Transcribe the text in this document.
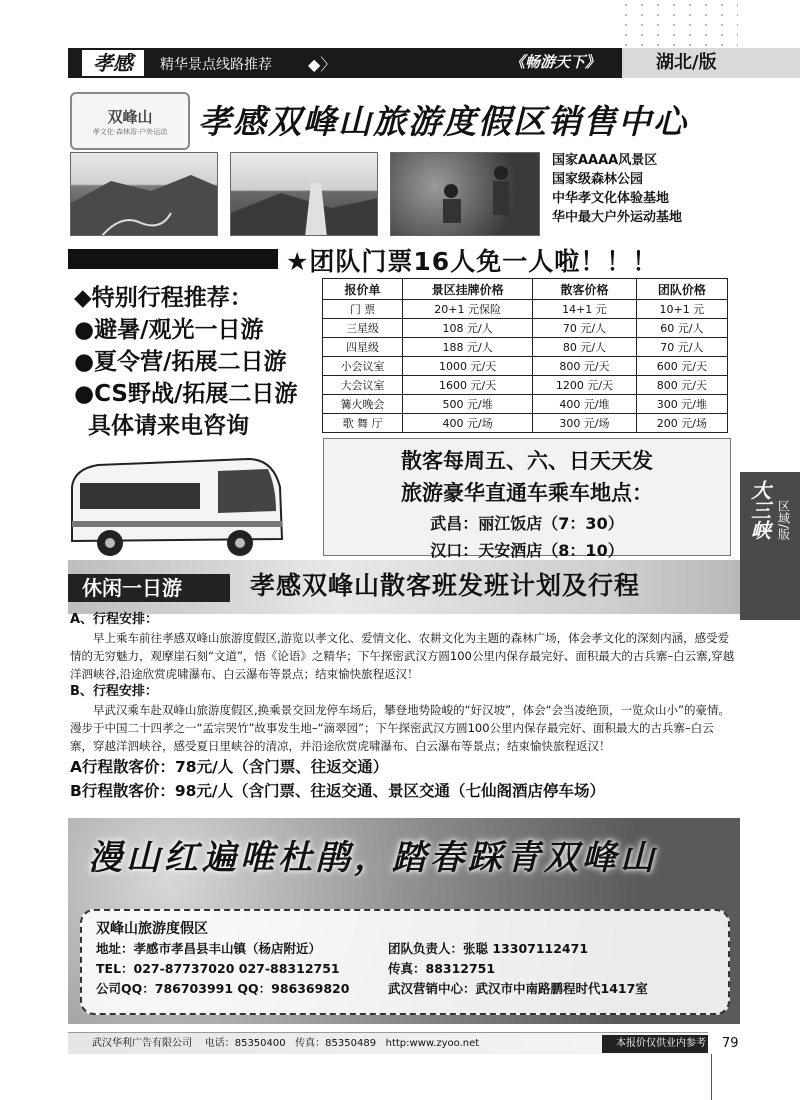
孝感	精华景点线路推荐 ◆〉	《畅游天下》	湖北/版
双峰山
孝文化·森林浴·户外运动 孝感双峰山旅游度假区销售中心
国家AAAA风景区
国家级森林公园
中华孝文化体验基地
华中最大户外运动基地
★团队门票16人免一人啦！！！
◆特别行程推荐：
●避暑/观光一日游
●夏令营/拓展二日游
●CS野战/拓展二日游
具体请来电咨询
报价单	景区挂牌价格	散客价格	团队价格
门 票	20+1 元保险	14+1 元	10+1 元
三星级	108 元/人	70 元/人	60 元/人
四星级	188 元/人	80 元/人	70 元/人
小会议室	1000 元/天	800 元/天	600 元/天
大会议室	1600 元/天	1200 元/天	800 元/天
篝火晚会	500 元/堆	400 元/堆	300 元/堆
歌 舞 厅	400 元/场	300 元/场	200 元/场
散客每周五、六、日天天发
旅游豪华直通车乘车地点：
武昌：丽江饭店（7：30）
汉口：天安酒店（8：10）
休闲一日游	孝感双峰山散客班发班计划及行程
大三峡 区域/版
A、行程安排：

早上乘车前往孝感双峰山旅游度假区,游览以孝文化、爱情文化、农耕文化为主题的森林广场，体会孝文化的深刻内涵，感受爱情的无穷魅力，观摩崖石刻“文道”，悟《论语》之精华；下午探密武汉方圆100公里内保存最完好、面积最大的古兵寨–白云寨,穿越洋泗峡谷,沿途欣赏虎啸瀑布、白云瀑布等景点；结束愉快旅程返汉！

B、行程安排：

早武汉乘车赴双峰山旅游度假区,换乘景交回龙停车场后，攀登地势险峻的“好汉坡”，体会“会当凌绝顶，一览众山小”的豪情。漫步于中国二十四孝之一“孟宗哭竹”故事发生地–“滴翠园”；下午探密武汉方圆100公里内保存最完好、面积最大的古兵寨–白云寨，穿越洋泗峡谷，感受夏日里峡谷的清凉，并沿途欣赏虎啸瀑布、白云瀑布等景点；结束愉快旅程返汉！

A行程散客价：78元/人（含门票、往返交通）
B行程散客价：98元/人（含门票、往返交通、景区交通（七仙阁酒店停车场）
漫山红遍唯杜鹃，踏春踩青双峰山
双峰山旅游度假区
地址：孝感市孝昌县丰山镇（杨店附近）	团队负责人：张聪 13307112471
TEL：027-87737020 027-88312751	传真：88312751
公司QQ：786703991 QQ：986369820	武汉营销中心：武汉市中南路鹏程时代1417室
武汉华利广告有限公司 电话：85350400 传真：85350489 http:www.zyoo.net	本报价仅供业内参考 79
